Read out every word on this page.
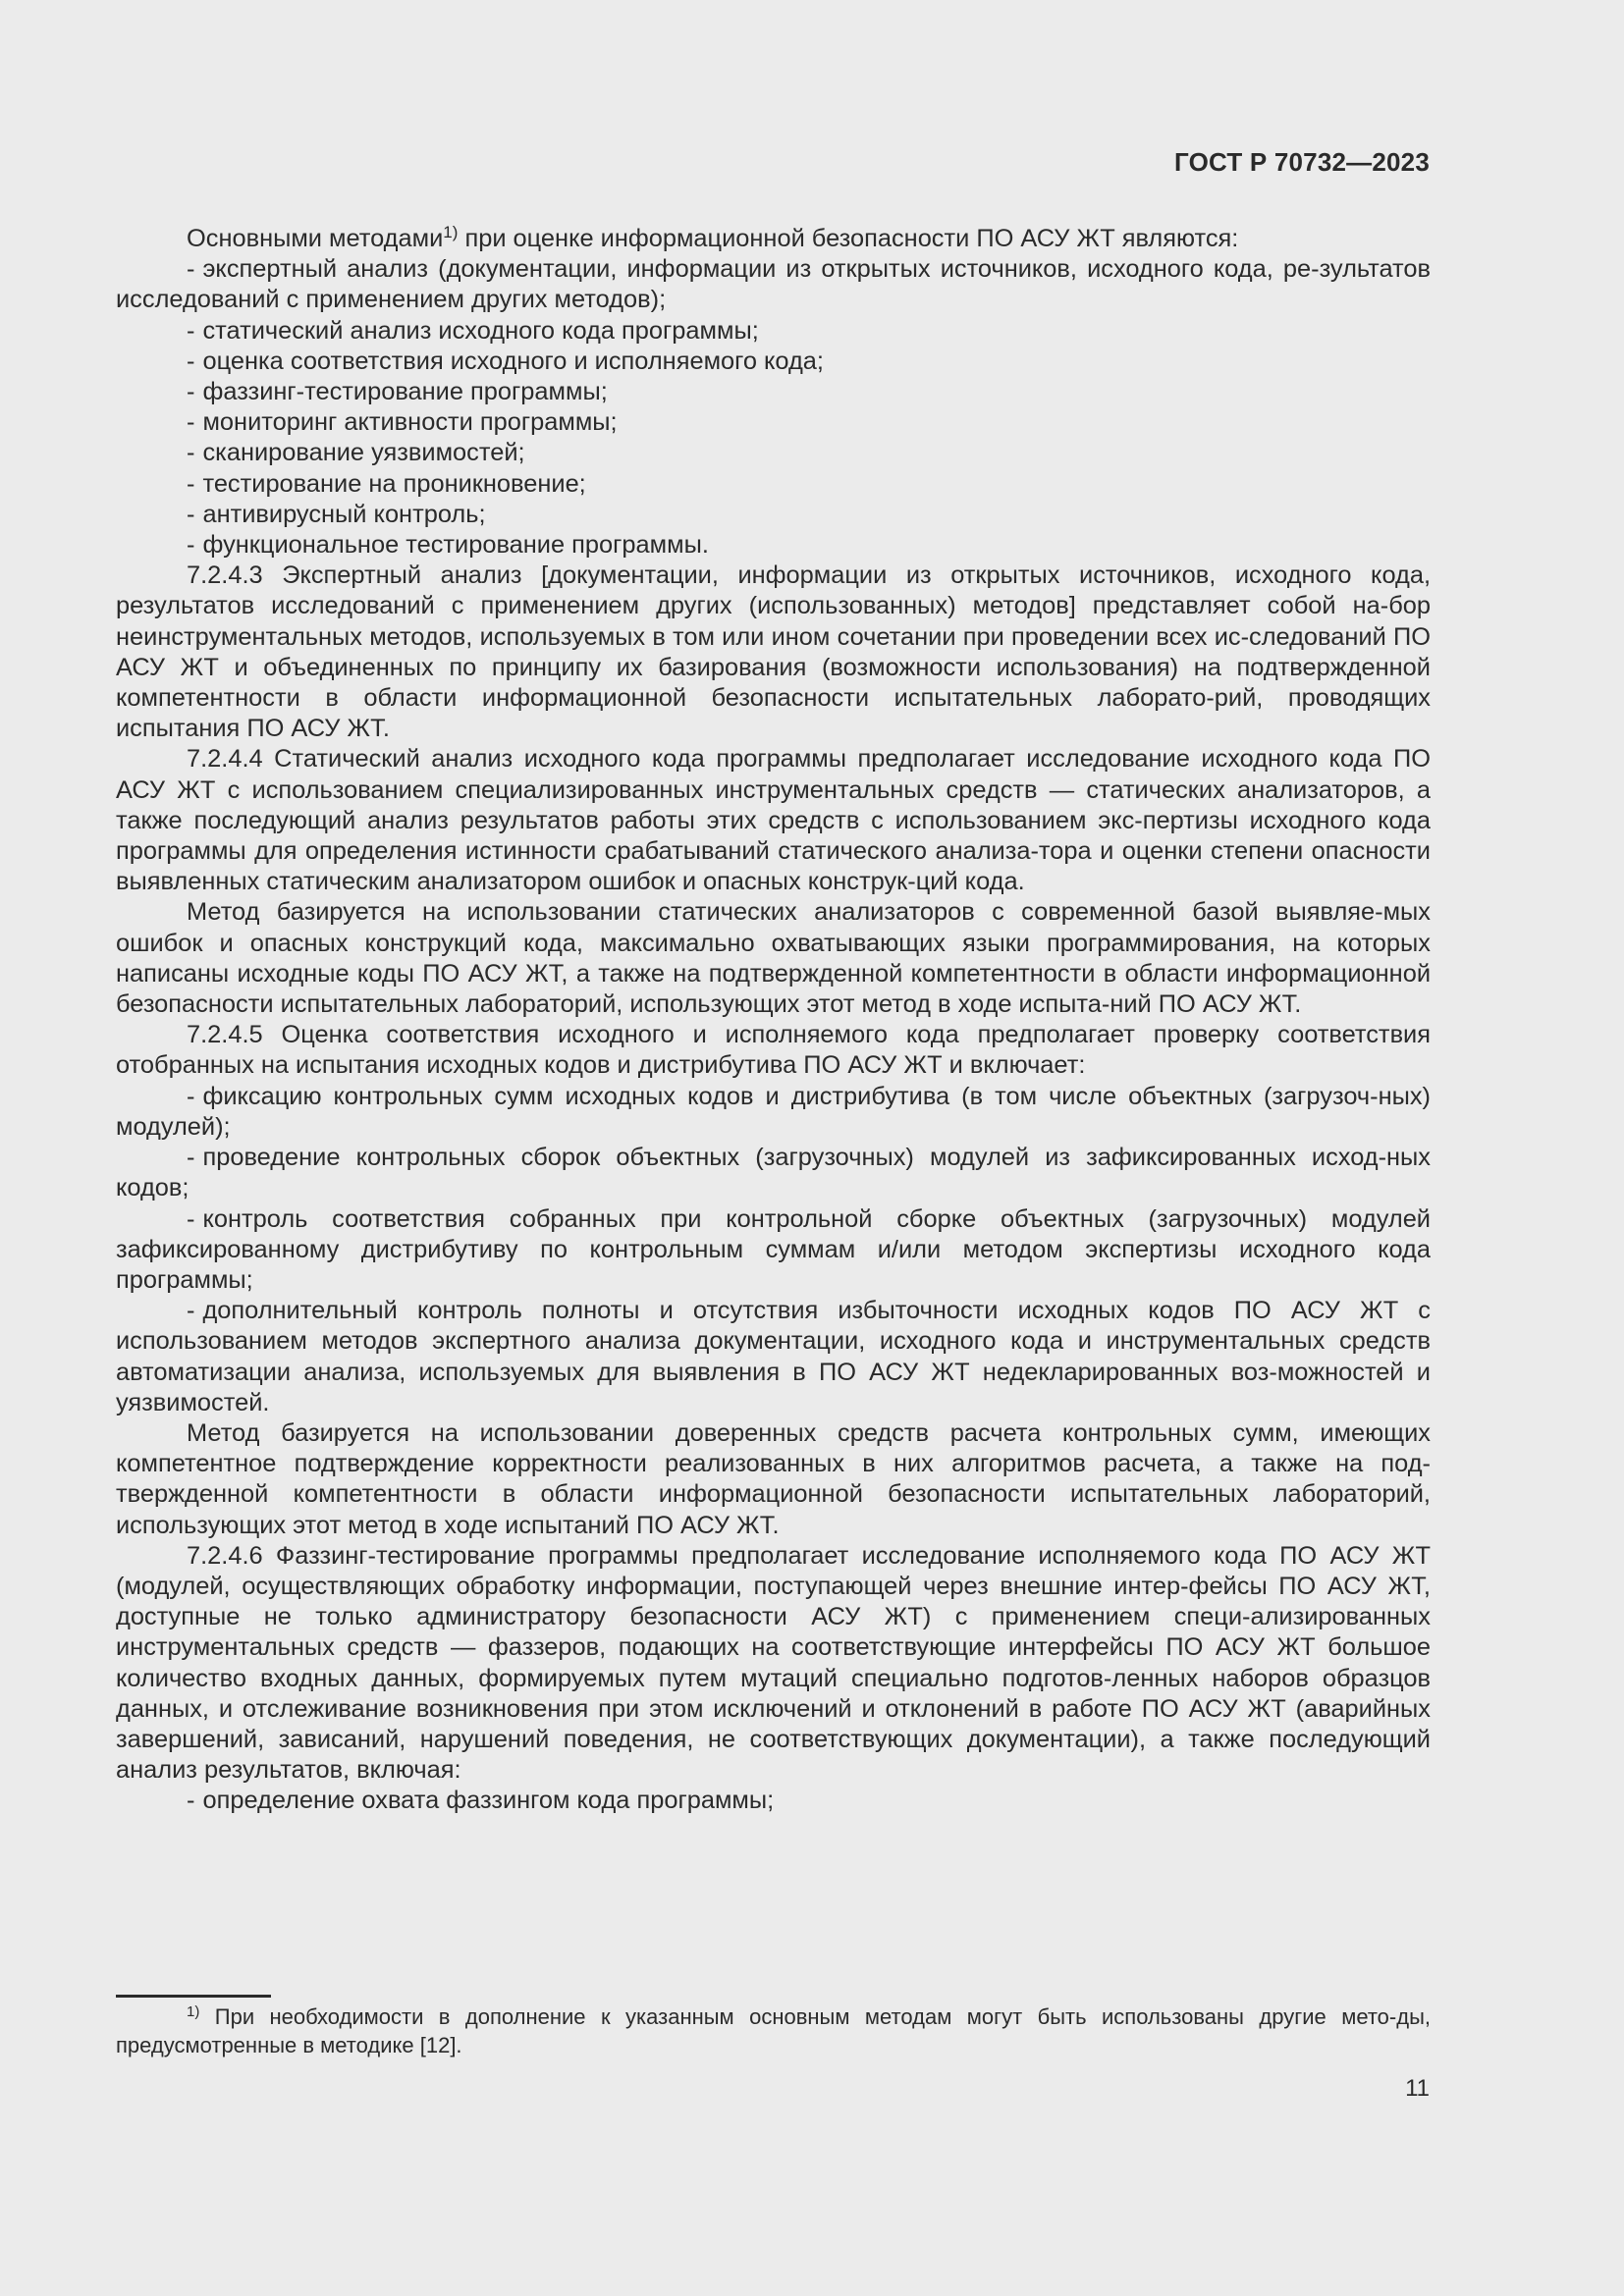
ГОСТ Р 70732—2023

Основными методами$^{1)}$ при оценке информационной безопасности ПО АСУ ЖТ являются:

- экспертный анализ (документации, информации из открытых источников, исходного кода, ре-зультатов исследований с применением других методов);

- статический анализ исходного кода программы;

- оценка соответствия исходного и исполняемого кода;

- фаззинг-тестирование программы;

- мониторинг активности программы;

- сканирование уязвимостей;

- тестирование на проникновение;

- антивирусный контроль;

- функциональное тестирование программы.

7.2.4.3 Экспертный анализ [документации, информации из открытых источников, исходного кода, результатов исследований с применением других (использованных) методов] представляет собой на-бор неинструментальных методов, используемых в том или ином сочетании при проведении всех ис-следований ПО АСУ ЖТ и объединенных по принципу их базирования (возможности использования) на подтвержденной компетентности в области информационной безопасности испытательных лаборато-рий, проводящих испытания ПО АСУ ЖТ.

7.2.4.4 Статический анализ исходного кода программы предполагает исследование исходного кода ПО АСУ ЖТ с использованием специализированных инструментальных средств — статических анализаторов, а также последующий анализ результатов работы этих средств с использованием экс-пертизы исходного кода программы для определения истинности срабатываний статического анализа-тора и оценки степени опасности выявленных статическим анализатором ошибок и опасных конструк-ций кода.

Метод базируется на использовании статических анализаторов с современной базой выявляе-мых ошибок и опасных конструкций кода, максимально охватывающих языки программирования, на которых написаны исходные коды ПО АСУ ЖТ, а также на подтвержденной компетентности в области информационной безопасности испытательных лабораторий, использующих этот метод в ходе испыта-ний ПО АСУ ЖТ.

7.2.4.5 Оценка соответствия исходного и исполняемого кода предполагает проверку соответствия отобранных на испытания исходных кодов и дистрибутива ПО АСУ ЖТ и включает:

- фиксацию контрольных сумм исходных кодов и дистрибутива (в том числе объектных (загрузоч-ных) модулей);

- проведение контрольных сборок объектных (загрузочных) модулей из зафиксированных исход-ных кодов;

- контроль соответствия собранных при контрольной сборке объектных (загрузочных) модулей зафиксированному дистрибутиву по контрольным суммам и/или методом экспертизы исходного кода программы;

- дополнительный контроль полноты и отсутствия избыточности исходных кодов ПО АСУ ЖТ с использованием методов экспертного анализа документации, исходного кода и инструментальных средств автоматизации анализа, используемых для выявления в ПО АСУ ЖТ недекларированных воз-можностей и уязвимостей.

Метод базируется на использовании доверенных средств расчета контрольных сумм, имеющих компетентное подтверждение корректности реализованных в них алгоритмов расчета, а также на под-твержденной компетентности в области информационной безопасности испытательных лабораторий, использующих этот метод в ходе испытаний ПО АСУ ЖТ.

7.2.4.6 Фаззинг-тестирование программы предполагает исследование исполняемого кода ПО АСУ ЖТ (модулей, осуществляющих обработку информации, поступающей через внешние интер-фейсы ПО АСУ ЖТ, доступные не только администратору безопасности АСУ ЖТ) с применением специ-ализированных инструментальных средств — фаззеров, подающих на соответствующие интерфейсы ПО АСУ ЖТ большое количество входных данных, формируемых путем мутаций специально подготов-ленных наборов образцов данных, и отслеживание возникновения при этом исключений и отклонений в работе ПО АСУ ЖТ (аварийных завершений, зависаний, нарушений поведения, не соответствующих документации), а также последующий анализ результатов, включая:

- определение охвата фаззингом кода программы;

$^{1)}$ При необходимости в дополнение к указанным основным методам могут быть использованы другие мето-ды, предусмотренные в методике [12].

11
